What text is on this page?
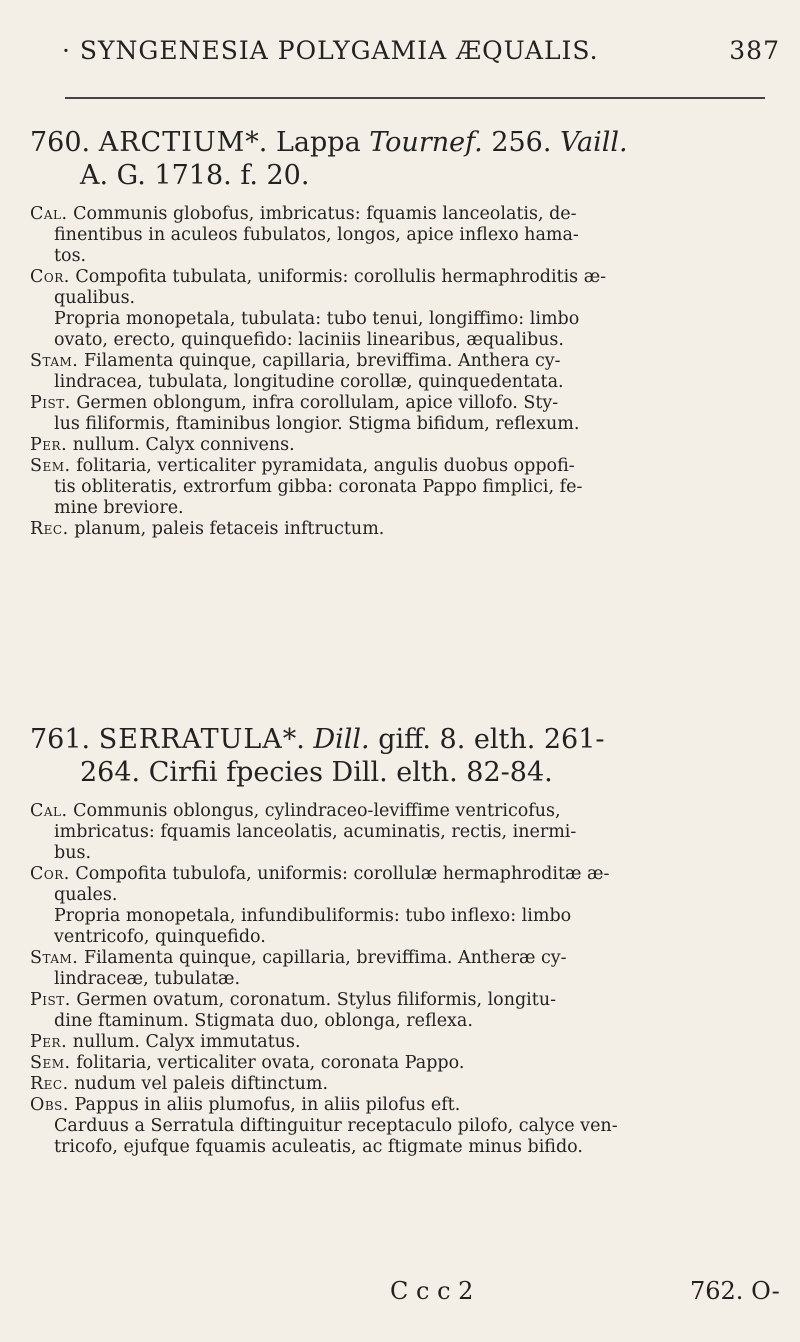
· SYNGENESIA POLYGAMIA ÆQUALIS.	387

760. ARCTIUM*. Lappa Tournef. 256. Vaill.
A. G. 1718. f. 20.

Cal. Communis globofus, imbricatus: fquamis lanceolatis, de-
finentibus in aculeos fubulatos, longos, apice inflexo hama-
tos.
Cor. Compofita tubulata, uniformis: corollulis hermaphroditis æ-
qualibus.
Propria monopetala, tubulata: tubo tenui, longiffimo: limbo
ovato, erecto, quinquefido: laciniis linearibus, æqualibus.
Stam. Filamenta quinque, capillaria, breviffima. Anthera cy-
lindracea, tubulata, longitudine corollæ, quinquedentata.
Pist. Germen oblongum, infra corollulam, apice villofo. Sty-
lus filiformis, ftaminibus longior. Stigma bifidum, reflexum.
Per. nullum. Calyx connivens.
Sem. folitaria, verticaliter pyramidata, angulis duobus oppofi-
tis obliteratis, extrorfum gibba: coronata Pappo fimplici, fe-
mine breviore.
Rec. planum, paleis fetaceis inftructum.

761. SERRATULA*. Dill. giff. 8. elth. 261-
264. Cirfii fpecies Dill. elth. 82-84.

Cal. Communis oblongus, cylindraceo-leviffime ventricofus,
imbricatus: fquamis lanceolatis, acuminatis, rectis, inermi-
bus.
Cor. Compofita tubulofa, uniformis: corollulæ hermaphroditæ æ-
quales.
Propria monopetala, infundibuliformis: tubo inflexo: limbo
ventricofo, quinquefido.
Stam. Filamenta quinque, capillaria, breviffima. Antheræ cy-
lindraceæ, tubulatæ.
Pist. Germen ovatum, coronatum. Stylus filiformis, longitu-
dine ftaminum. Stigmata duo, oblonga, reflexa.
Per. nullum. Calyx immutatus.
Sem. folitaria, verticaliter ovata, coronata Pappo.
Rec. nudum vel paleis diftinctum.
Obs. Pappus in aliis plumofus, in aliis pilofus eft.
Carduus a Serratula diftinguitur receptaculo pilofo, calyce ven-
tricofo, ejufque fquamis aculeatis, ac ftigmate minus bifido.
C c c 2	762. O-
